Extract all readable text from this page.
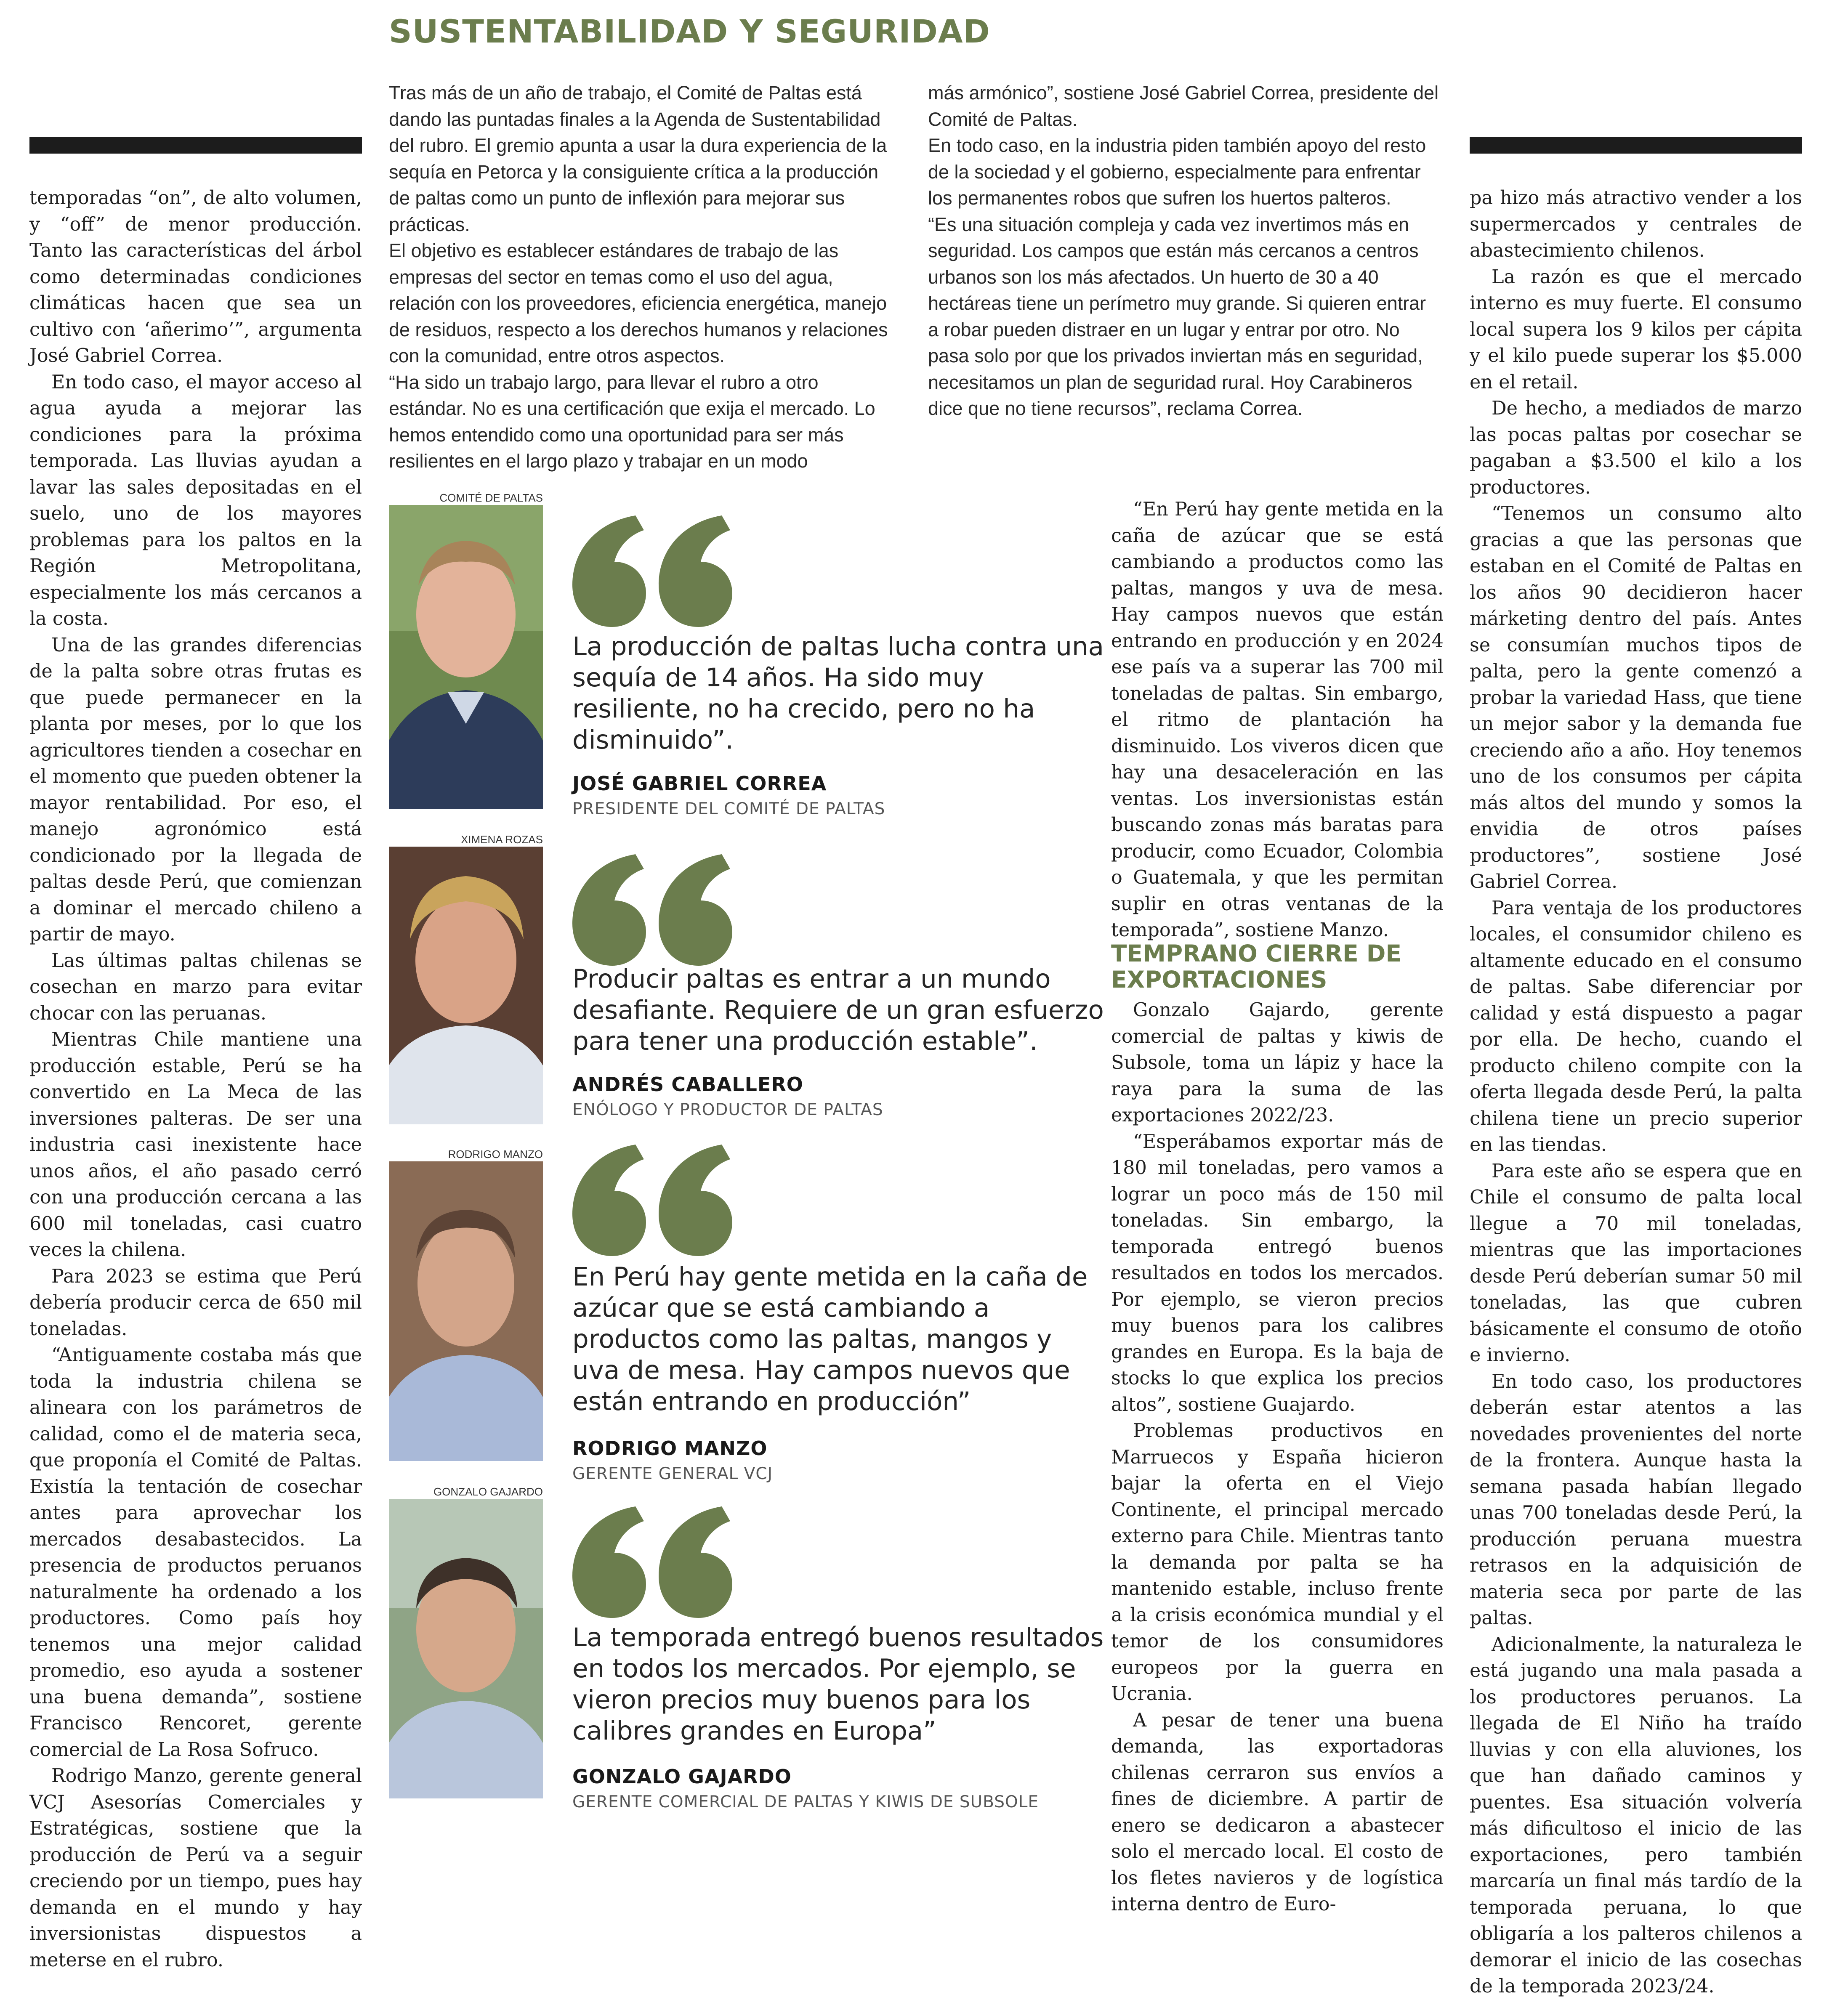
SUSTENTABILIDAD Y SEGURIDAD

temporadas “on”, de alto volumen, y “off” de menor producción. Tanto las características del árbol como determinadas condiciones climáticas hacen que sea un cultivo con ‘añerimo’”, argumenta José Gabriel Correa.

En todo caso, el mayor acceso al agua ayuda a mejorar las condiciones para la próxima temporada. Las lluvias ayudan a lavar las sales depositadas en el suelo, uno de los mayores problemas para los paltos en la Región Metropolitana, especialmente los más cercanos a la costa.

Una de las grandes diferencias de la palta sobre otras frutas es que puede permanecer en la planta por meses, por lo que los agricultores tienden a cosechar en el momento que pueden obtener la mayor rentabilidad. Por eso, el manejo agronómico está condicionado por la llegada de paltas desde Perú, que comienzan a dominar el mercado chileno a partir de mayo.

Las últimas paltas chilenas se cosechan en marzo para evitar chocar con las peruanas.

Mientras Chile mantiene una producción estable, Perú se ha convertido en La Meca de las inversiones palteras. De ser una industria casi inexistente hace unos años, el año pasado cerró con una producción cercana a las 600 mil toneladas, casi cuatro veces la chilena.

Para 2023 se estima que Perú debería producir cerca de 650 mil toneladas.

“Antiguamente costaba más que toda la industria chilena se alineara con los parámetros de calidad, como el de materia seca, que proponía el Comité de Paltas. Existía la tentación de cosechar antes para aprovechar los mercados desabastecidos. La presencia de productos peruanos naturalmente ha ordenado a los productores. Como país hoy tenemos una mejor calidad promedio, eso ayuda a sostener una buena demanda”, sostiene Francisco Rencoret, gerente comercial de La Rosa Sofruco.

Rodrigo Manzo, gerente general VCJ Asesorías Comerciales y Estratégicas, sostiene que la producción de Perú va a seguir creciendo por un tiempo, pues hay demanda en el mundo y hay inversionistas dispuestos a meterse en el rubro.

Tras más de un año de trabajo, el Comité de Paltas está dando las puntadas finales a la Agenda de Sustentabilidad del rubro. El gremio apunta a usar la dura experiencia de la sequía en Petorca y la consiguiente crítica a la producción de paltas como un punto de inflexión para mejorar sus prácticas.

El objetivo es establecer estándares de trabajo de las empresas del sector en temas como el uso del agua, relación con los proveedores, eficiencia energética, manejo de residuos, respecto a los derechos humanos y relaciones con la comunidad, entre otros aspectos.

“Ha sido un trabajo largo, para llevar el rubro a otro estándar. No es una certificación que exija el mercado. Lo hemos entendido como una oportunidad para ser más resilientes en el largo plazo y trabajar en un modo

más armónico”, sostiene José Gabriel Correa, presidente del Comité de Paltas.

En todo caso, en la industria piden también apoyo del resto de la sociedad y el gobierno, especialmente para enfrentar los permanentes robos que sufren los huertos palteros.

“Es una situación compleja y cada vez invertimos más en seguridad. Los campos que están más cercanos a centros urbanos son los más afectados. Un huerto de 30 a 40 hectáreas tiene un perímetro muy grande. Si quieren entrar a robar pueden distraer en un lugar y entrar por otro. No pasa solo por que los privados inviertan más en seguridad, necesitamos un plan de seguridad rural. Hoy Carabineros dice que no tiene recursos”, reclama Correa.

COMITÉ DE PALTAS
La producción de paltas lucha contra una sequía de 14 años. Ha sido muy resiliente, no ha crecido, pero no ha disminuido”.
JOSÉ GABRIEL CORREA
PRESIDENTE DEL COMITÉ DE PALTAS
XIMENA ROZAS
Producir paltas es entrar a un mundo desafiante. Requiere de un gran esfuerzo para tener una producción estable”.
ANDRÉS CABALLERO
ENÓLOGO Y PRODUCTOR DE PALTAS
RODRIGO MANZO
En Perú hay gente metida en la caña de azúcar que se está cambiando a productos como las paltas, mangos y uva de mesa. Hay campos nuevos que están entrando en producción”
RODRIGO MANZO
GERENTE GENERAL VCJ
GONZALO GAJARDO
La temporada entregó buenos resultados en todos los mercados. Por ejemplo, se vieron precios muy buenos para los calibres grandes en Europa”
GONZALO GAJARDO
GERENTE COMERCIAL DE PALTAS Y KIWIS DE SUBSOLE

“En Perú hay gente metida en la caña de azúcar que se está cambiando a productos como las paltas, mangos y uva de mesa. Hay campos nuevos que están entrando en producción y en 2024 ese país va a superar las 700 mil toneladas de paltas. Sin embargo, el ritmo de plantación ha disminuido. Los viveros dicen que hay una desaceleración en las ventas. Los inversionistas están buscando zonas más baratas para producir, como Ecuador, Colombia o Guatemala, y que les permitan suplir en otras ventanas de la temporada”, sostiene Manzo.

TEMPRANO CIERRE DE EXPORTACIONES

Gonzalo Gajardo, gerente comercial de paltas y kiwis de Subsole, toma un lápiz y hace la raya para la suma de las exportaciones 2022/23.

“Esperábamos exportar más de 180 mil toneladas, pero vamos a lograr un poco más de 150 mil toneladas. Sin embargo, la temporada entregó buenos resultados en todos los mercados. Por ejemplo, se vieron precios muy buenos para los calibres grandes en Europa. Es la baja de stocks lo que explica los precios altos”, sostiene Guajardo.

Problemas productivos en Marruecos y España hicieron bajar la oferta en el Viejo Continente, el principal mercado externo para Chile. Mientras tanto la demanda por palta se ha mantenido estable, incluso frente a la crisis económica mundial y el temor de los consumidores europeos por la guerra en Ucrania.

A pesar de tener una buena demanda, las exportadoras chilenas cerraron sus envíos a fines de diciembre. A partir de enero se dedicaron a abastecer solo el mercado local. El costo de los fletes navieros y de logística interna dentro de Euro-

pa hizo más atractivo vender a los supermercados y centrales de abastecimiento chilenos.

La razón es que el mercado interno es muy fuerte. El consumo local supera los 9 kilos per cápita y el kilo puede superar los $5.000 en el retail.

De hecho, a mediados de marzo las pocas paltas por cosechar se pagaban a $3.500 el kilo a los productores.

“Tenemos un consumo alto gracias a que las personas que estaban en el Comité de Paltas en los años 90 decidieron hacer márketing dentro del país. Antes se consumían muchos tipos de palta, pero la gente comenzó a probar la variedad Hass, que tiene un mejor sabor y la demanda fue creciendo año a año. Hoy tenemos uno de los consumos per cápita más altos del mundo y somos la envidia de otros países productores”, sostiene José Gabriel Correa.

Para ventaja de los productores locales, el consumidor chileno es altamente educado en el consumo de paltas. Sabe diferenciar por calidad y está dispuesto a pagar por ella. De hecho, cuando el producto chileno compite con la oferta llegada desde Perú, la palta chilena tiene un precio superior en las tiendas.

Para este año se espera que en Chile el consumo de palta local llegue a 70 mil toneladas, mientras que las importaciones desde Perú deberían sumar 50 mil toneladas, las que cubren básicamente el consumo de otoño e invierno.

En todo caso, los productores deberán estar atentos a las novedades provenientes del norte de la frontera. Aunque hasta la semana pasada habían llegado unas 700 toneladas desde Perú, la producción peruana muestra retrasos en la adquisición de materia seca por parte de las paltas.

Adicionalmente, la naturaleza le está jugando una mala pasada a los productores peruanos. La llegada de El Niño ha traído lluvias y con ella aluviones, los que han dañado caminos y puentes. Esa situación volvería más dificultoso el inicio de las exportaciones, pero también marcaría un final más tardío de la temporada peruana, lo que obligaría a los palteros chilenos a demorar el inicio de las cosechas de la temporada 2023/24.
